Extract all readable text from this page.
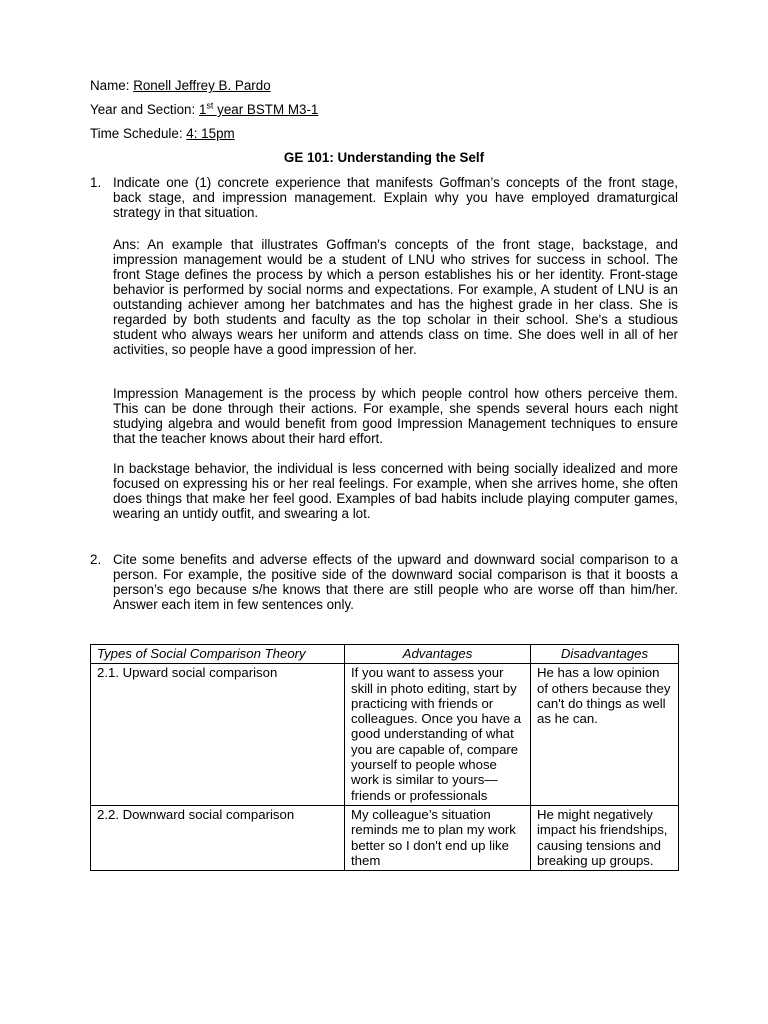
Name: Ronell Jeffrey B. Pardo
Year and Section: 1st year BSTM M3-1
Time Schedule: 4: 15pm
GE 101: Understanding the Self
1. Indicate one (1) concrete experience that manifests Goffman’s concepts of the front stage, back stage, and impression management. Explain why you have employed dramaturgical strategy in that situation.

Ans: An example that illustrates Goffman's concepts of the front stage, backstage, and impression management would be a student of LNU who strives for success in school. The front Stage defines the process by which a person establishes his or her identity. Front-stage behavior is performed by social norms and expectations. For example, A student of LNU is an outstanding achiever among her batchmates and has the highest grade in her class. She is regarded by both students and faculty as the top scholar in their school. She's a studious student who always wears her uniform and attends class on time. She does well in all of her activities, so people have a good impression of her.

Impression Management is the process by which people control how others perceive them. This can be done through their actions. For example, she spends several hours each night studying algebra and would benefit from good Impression Management techniques to ensure that the teacher knows about their hard effort.

In backstage behavior, the individual is less concerned with being socially idealized and more focused on expressing his or her real feelings. For example, when she arrives home, she often does things that make her feel good. Examples of bad habits include playing computer games, wearing an untidy outfit, and swearing a lot.

2. Cite some benefits and adverse effects of the upward and downward social comparison to a person. For example, the positive side of the downward social comparison is that it boosts a person’s ego because s/he knows that there are still people who are worse off than him/her. Answer each item in few sentences only.
Types of Social Comparison Theory	Advantages	Disadvantages
2.1. Upward social comparison	If you want to assess your skill in photo editing, start by practicing with friends or colleagues. Once you have a good understanding of what you are capable of, compare yourself to people whose work is similar to yours—friends or professionals	He has a low opinion of others because they can't do things as well as he can.
2.2. Downward social comparison	My colleague’s situation reminds me to plan my work better so I don't end up like them	He might negatively impact his friendships, causing tensions and breaking up groups.
